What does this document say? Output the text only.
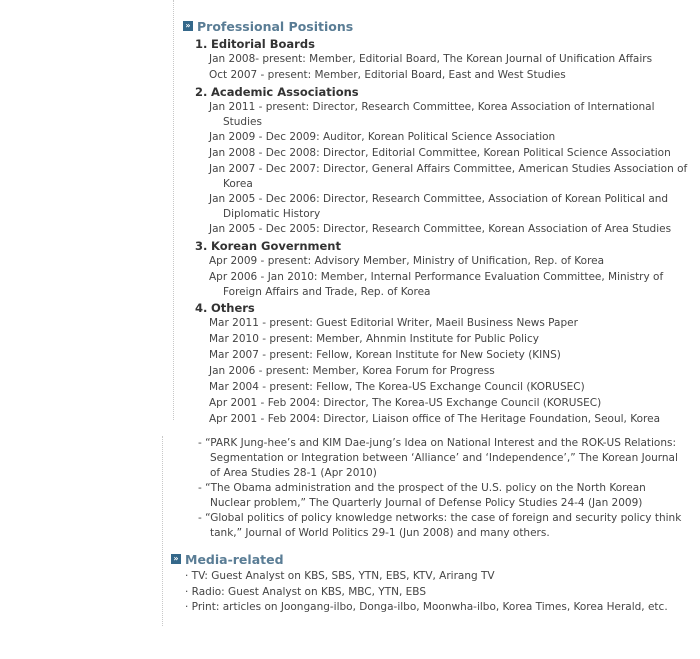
» Professional Positions
1. Editorial Boards
Jan 2008- present: Member, Editorial Board, The Korean Journal of Unification Affairs
Oct 2007 - present: Member, Editorial Board, East and West Studies
2. Academic Associations
Jan 2011 - present: Director, Research Committee, Korea Association of International Studies
Jan 2009 - Dec 2009: Auditor, Korean Political Science Association
Jan 2008 - Dec 2008: Director, Editorial Committee, Korean Political Science Association
Jan 2007 - Dec 2007: Director, General Affairs Committee, American Studies Association of Korea
Jan 2005 - Dec 2006: Director, Research Committee, Association of Korean Political and Diplomatic History
Jan 2005 - Dec 2005: Director, Research Committee, Korean Association of Area Studies
3. Korean Government
Apr 2009 - present: Advisory Member, Ministry of Unification, Rep. of Korea
Apr 2006 - Jan 2010: Member, Internal Performance Evaluation Committee, Ministry of Foreign Affairs and Trade, Rep. of Korea
4. Others
Mar 2011 - present: Guest Editorial Writer, Maeil Business News Paper
Mar 2010 - present: Member, Ahnmin Institute for Public Policy
Mar 2007 - present: Fellow, Korean Institute for New Society (KINS)
Jan 2006 - present: Member, Korea Forum for Progress
Mar 2004 - present: Fellow, The Korea-US Exchange Council (KORUSEC)
Apr 2001 - Feb 2004: Director, The Korea-US Exchange Council (KORUSEC)
Apr 2001 - Feb 2004: Director, Liaison office of The Heritage Foundation, Seoul, Korea
- “PARK Jung-hee’s and KIM Dae-jung’s Idea on National Interest and the ROK-US Relations: Segmentation or Integration between ‘Alliance’ and ‘Independence’,” The Korean Journal of Area Studies 28-1 (Apr 2010)
- “The Obama administration and the prospect of the U.S. policy on the North Korean Nuclear problem,” The Quarterly Journal of Defense Policy Studies 24-4 (Jan 2009)
- “Global politics of policy knowledge networks: the case of foreign and security policy think tank,” Journal of World Politics 29-1 (Jun 2008) and many others.
» Media-related
· TV: Guest Analyst on KBS, SBS, YTN, EBS, KTV, Arirang TV
· Radio: Guest Analyst on KBS, MBC, YTN, EBS
· Print: articles on Joongang-ilbo, Donga-ilbo, Moonwha-ilbo, Korea Times, Korea Herald, etc.
